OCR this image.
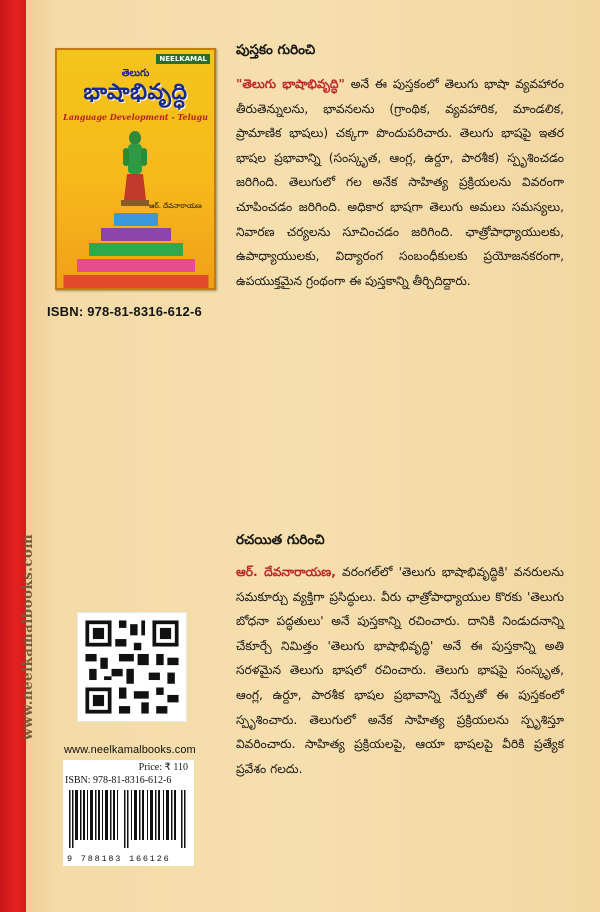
www.neelkamalbooks.com
NEELKAMAL
తెలుగు
భాషాభివృద్ధి
Language Development - Telugu
ఆర్. దేవనారాయణ
ISBN: 978-81-8316-612-6
పుస్తకం గురించి
"తెలుగు భాషాభివృద్ధి" అనే ఈ పుస్తకంలో తెలుగు భాషా వ్యవహారం తీరుతెన్నులను, భావనలను (గ్రాంథిక, వ్యవహారిక, మాండలిక, ప్రామాణిక భాషలు) చక్కగా పొందుపరిచారు. తెలుగు భాషపై ఇతర భాషల ప్రభావాన్ని (సంస్కృత, ఆంగ్ల, ఉర్దూ, పారశీక) స్పృశించడం జరిగింది. తెలుగులో గల అనేక సాహిత్య ప్రక్రియలను వివరంగా చూపించడం జరిగింది. అధికార భాషగా తెలుగు అమలు సమస్యలు, నివారణ చర్యలను సూచించడం జరిగింది. ఛాత్రోపాధ్యాయులకు, ఉపాధ్యాయులకు, విద్యారంగ సంబంధీకులకు ప్రయోజనకరంగా, ఉపయుక్తమైన గ్రంథంగా ఈ పుస్తకాన్ని తీర్చిదిద్దారు.
రచయిత గురించి
ఆర్. దేవనారాయణ, వరంగల్‌లో 'తెలుగు భాషాభివృద్ధికి' వనరులను సమకూర్చు వ్యక్తిగా ప్రసిద్ధులు. వీరు ఛాత్రోపాధ్యాయుల కొరకు 'తెలుగు బోధనా పద్ధతులు' అనే పుస్తకాన్ని రచించారు. దానికి నిండుదనాన్ని చేకూర్చే నిమిత్తం 'తెలుగు భాషాభివృద్ధి' అనే ఈ పుస్తకాన్ని అతి సరళమైన తెలుగు భాషలో రచించారు. తెలుగు భాషపై సంస్కృత, ఆంగ్ల, ఉర్దూ, పారశీక భాషల ప్రభావాన్ని నేర్పుతో ఈ పుస్తకంలో స్పృశించారు. తెలుగులో అనేక సాహిత్య ప్రక్రియలను స్పృశిస్తూ వివరించారు. సాహిత్య ప్రక్రియలపై, ఆయా భాషలపై వీరికి ప్రత్యేక ప్రవేశం గలదు.
www.neelkamalbooks.com
Price: ₹ 110
ISBN: 978-81-8316-612-6
9 788183 166126
